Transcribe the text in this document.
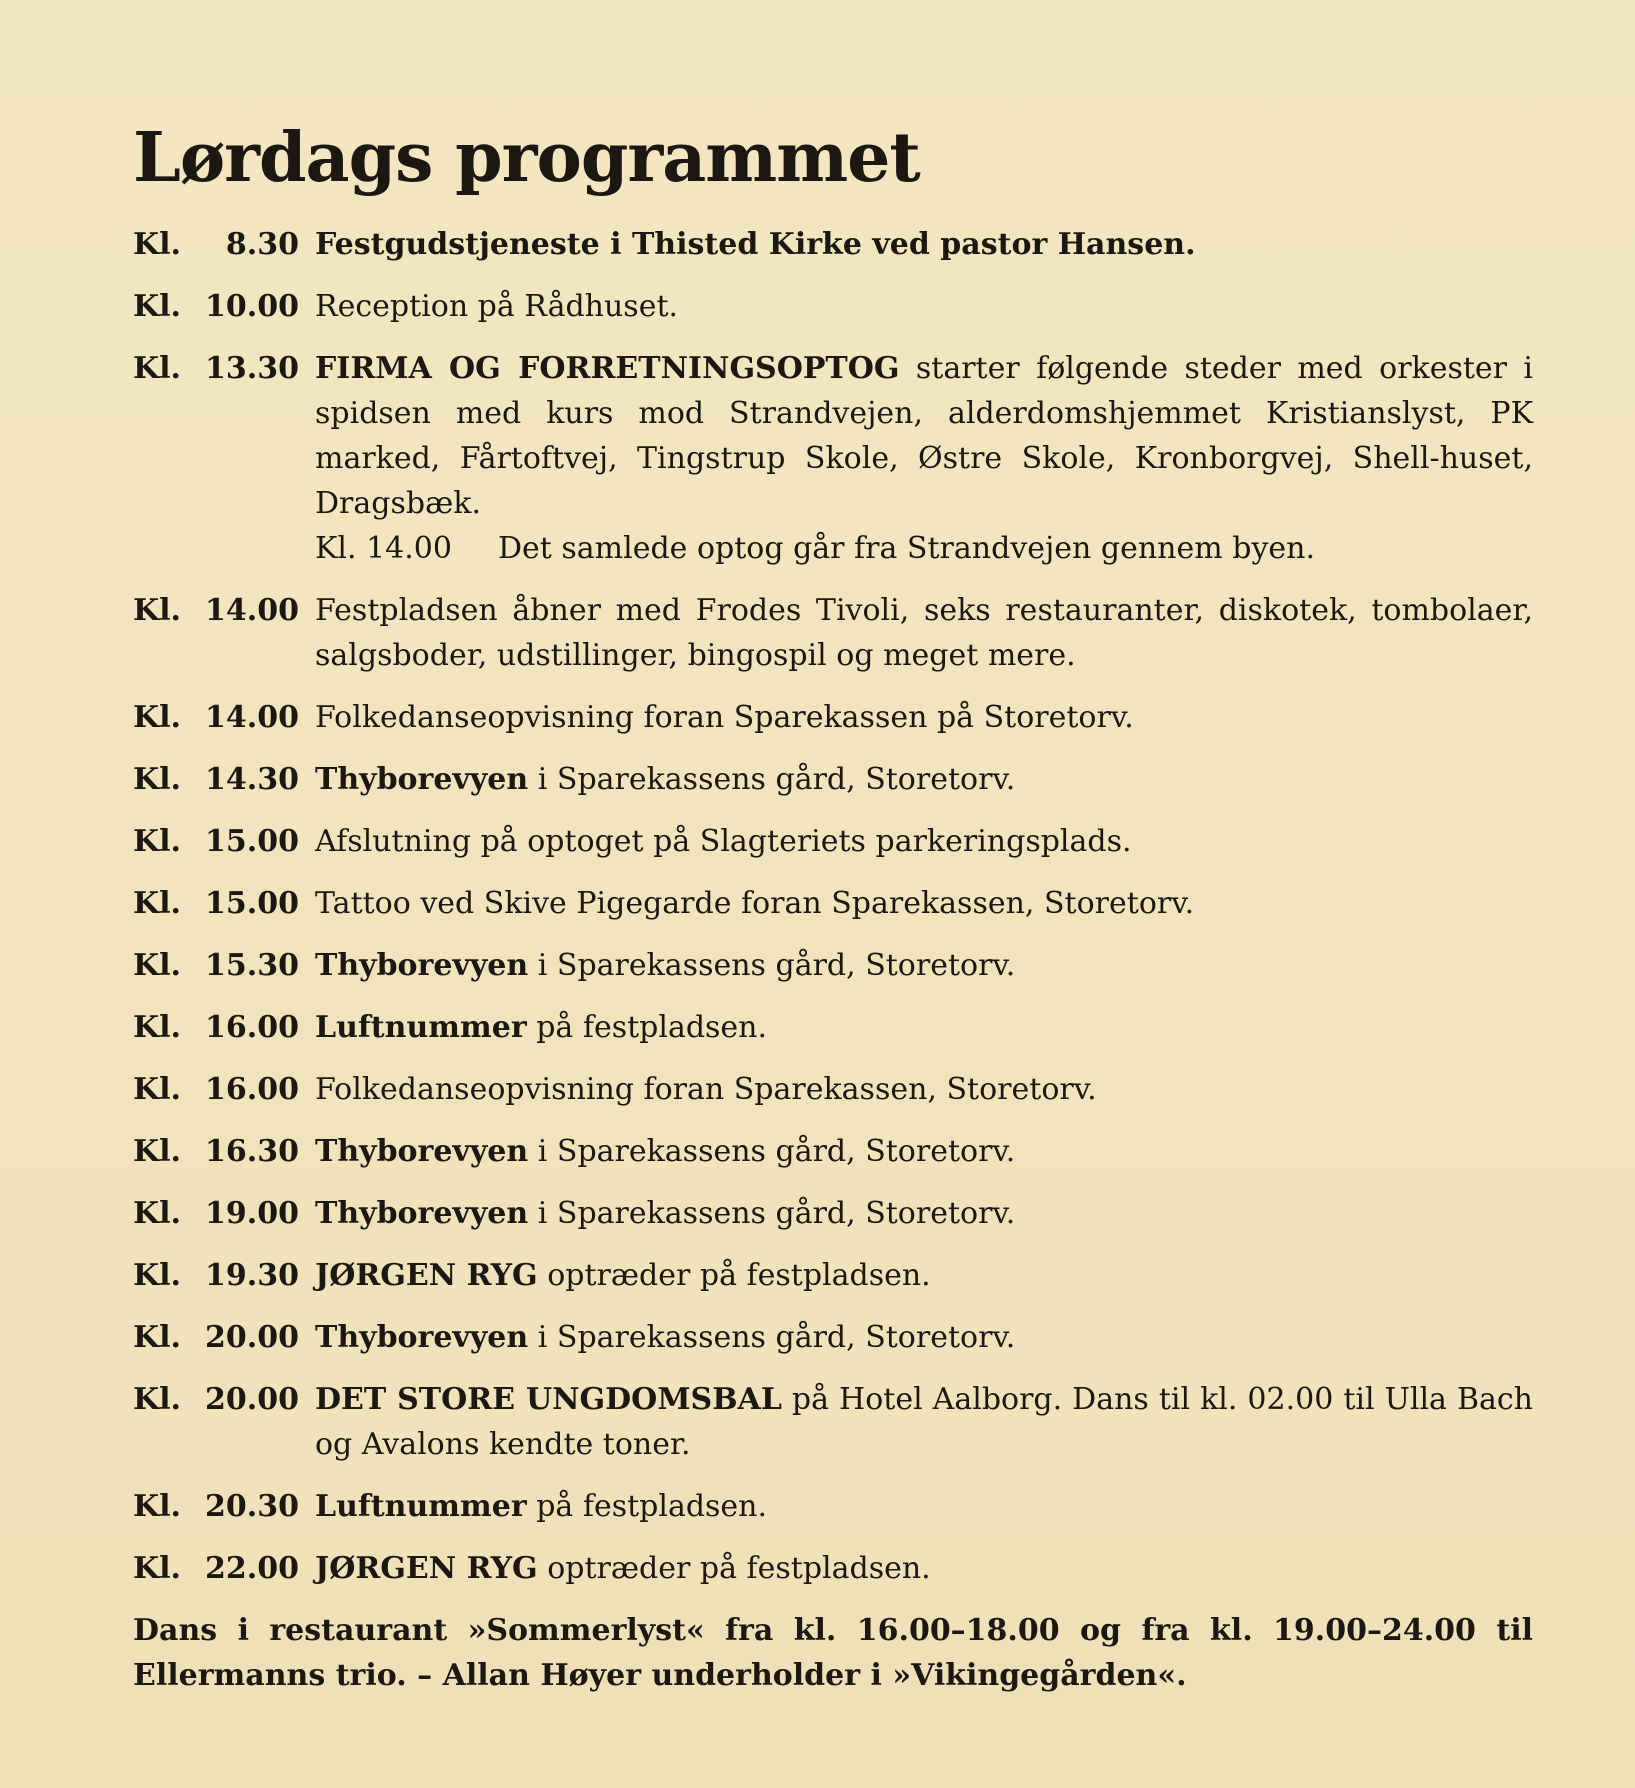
Lørdags programmet
Kl. 8.30 Festgudstjeneste i Thisted Kirke ved pastor Hansen.
Kl. 10.00 Reception på Rådhuset.
Kl. 13.30 FIRMA OG FORRETNINGSOPTOG starter følgende steder med orkester i spidsen med kurs mod Strandvejen, alderdomshjemmet Kristianslyst, PK marked, Fårtoftvej, Tingstrup Skole, Østre Skole, Kronborgvej, Shell-huset, Dragsbæk.
Kl. 14.00 Det samlede optog går fra Strandvejen gennem byen.
Kl. 14.00 Festpladsen åbner med Frodes Tivoli, seks restauranter, diskotek, tombolaer, salgsboder, udstillinger, bingospil og meget mere.
Kl. 14.00 Folkedanseopvisning foran Sparekassen på Storetorv.
Kl. 14.30 Thyborevyen i Sparekassens gård, Storetorv.
Kl. 15.00 Afslutning på optoget på Slagteriets parkeringsplads.
Kl. 15.00 Tattoo ved Skive Pigegarde foran Sparekassen, Storetorv.
Kl. 15.30 Thyborevyen i Sparekassens gård, Storetorv.
Kl. 16.00 Luftnummer på festpladsen.
Kl. 16.00 Folkedanseopvisning foran Sparekassen, Storetorv.
Kl. 16.30 Thyborevyen i Sparekassens gård, Storetorv.
Kl. 19.00 Thyborevyen i Sparekassens gård, Storetorv.
Kl. 19.30 JØRGEN RYG optræder på festpladsen.
Kl. 20.00 Thyborevyen i Sparekassens gård, Storetorv.
Kl. 20.00 DET STORE UNGDOMSBAL på Hotel Aalborg. Dans til kl. 02.00 til Ulla Bach og Avalons kendte toner.
Kl. 20.30 Luftnummer på festpladsen.
Kl. 22.00 JØRGEN RYG optræder på festpladsen.
Dans i restaurant »Sommerlyst« fra kl. 16.00–18.00 og fra kl. 19.00–24.00 til Ellermanns trio. – Allan Høyer underholder i »Vikingegården«.
